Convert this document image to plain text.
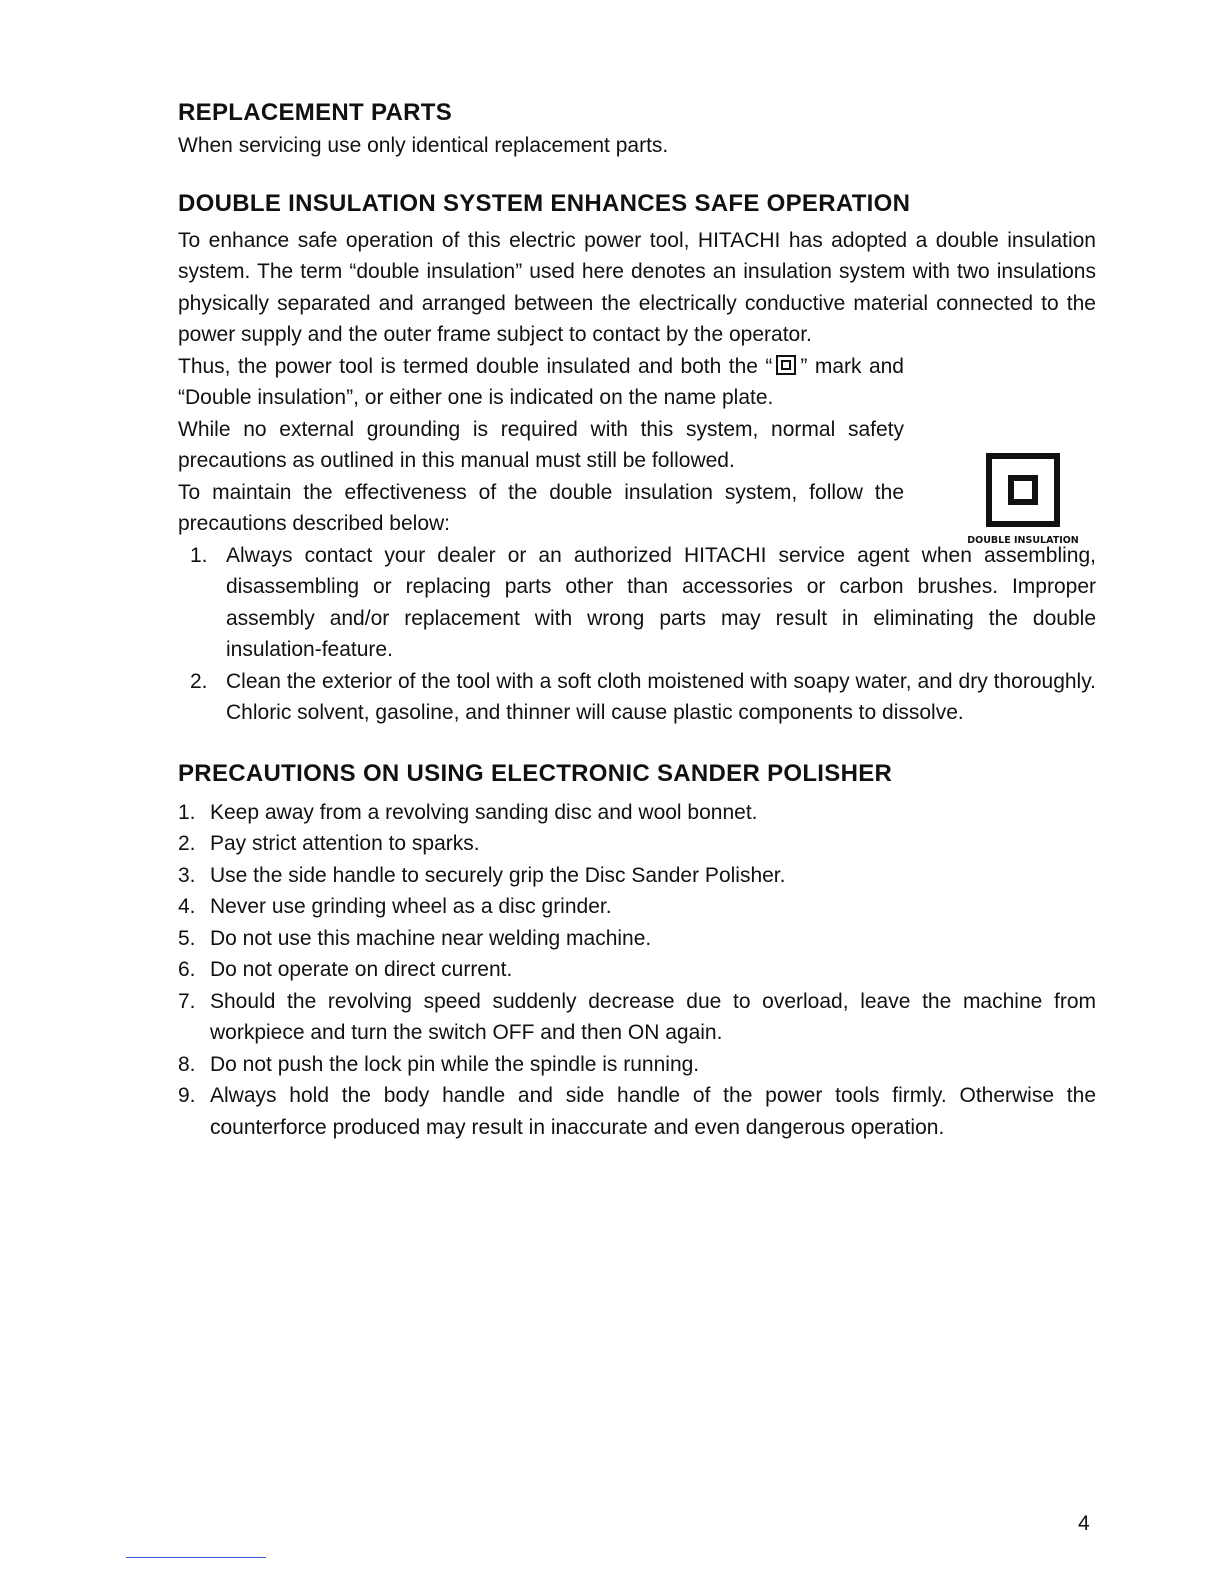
REPLACEMENT PARTS

When servicing use only identical replacement parts.

DOUBLE INSULATION SYSTEM ENHANCES SAFE OPERATION

To enhance safe operation of this electric power tool, HITACHI has adopted a double insulation system. The term “double insulation” used here denotes an insulation system with two insulations physically separated and arranged between the electrically conductive material connected to the power supply and the outer frame subject to contact by the operator.

Thus, the power tool is termed double insulated and both the “ ” mark and “Double insulation”, or either one is indicated on the name plate.

While no external grounding is required with this system, normal safety precautions as outlined in this manual must still be followed.

To maintain the effectiveness of the double insulation system, follow the precautions described below:

1. Always contact your dealer or an authorized HITACHI service agent when assembling, disassembling or replacing parts other than accessories or carbon brushes. Improper assembly and/or replacement with wrong parts may result in eliminating the double insulation-feature.
2. Clean the exterior of the tool with a soft cloth moistened with soapy water, and dry thoroughly. Chloric solvent, gasoline, and thinner will cause plastic components to dissolve.
PRECAUTIONS ON USING ELECTRONIC SANDER POLISHER
1. Keep away from a revolving sanding disc and wool bonnet.
2. Pay strict attention to sparks.
3. Use the side handle to securely grip the Disc Sander Polisher.
4. Never use grinding wheel as a disc grinder.
5. Do not use this machine near welding machine.
6. Do not operate on direct current.
7. Should the revolving speed suddenly decrease due to overload, leave the machine from workpiece and turn the switch OFF and then ON again.
8. Do not push the lock pin while the spindle is running.
9. Always hold the body handle and side handle of the power tools firmly. Otherwise the counterforce produced may result in inaccurate and even dangerous operation.
DOUBLE INSULATION
4
